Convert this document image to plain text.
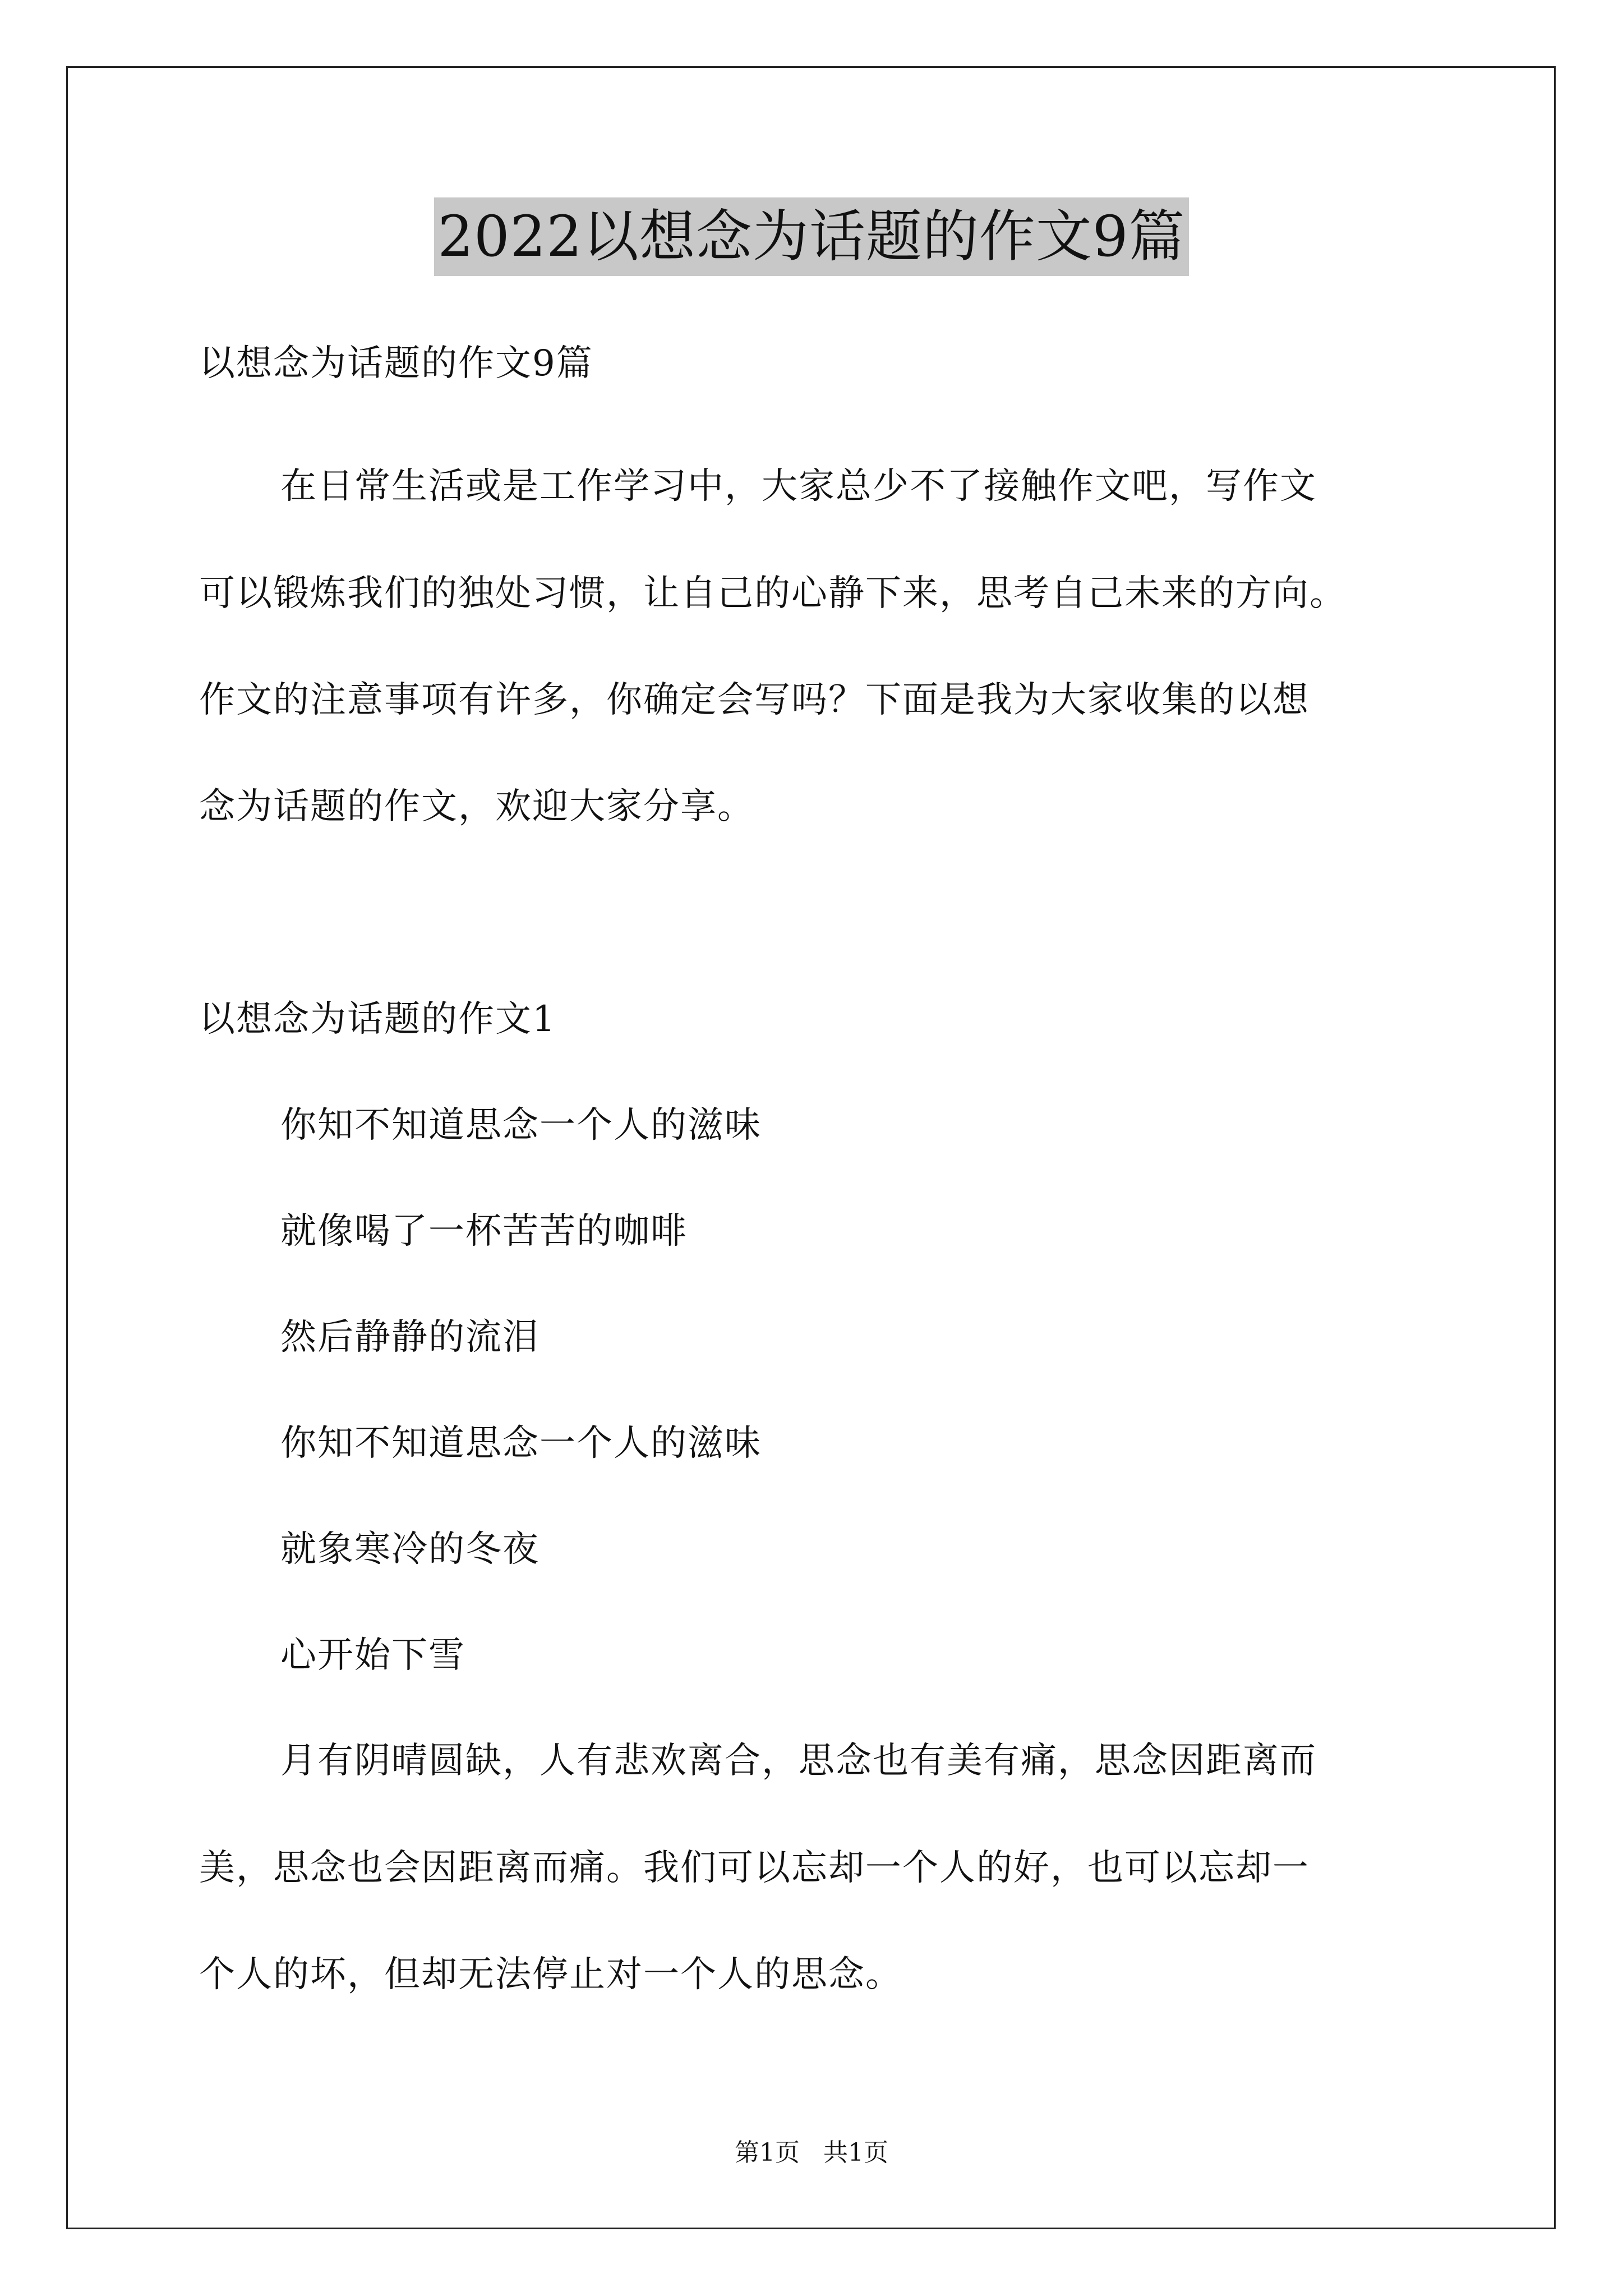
2022以想念为话题的作文9篇
以想念为话题的作文9篇
在日常生活或是工作学习中，大家总少不了接触作文吧，写作文
可以锻炼我们的独处习惯，让自己的心静下来，思考自己未来的方向。
作文的注意事项有许多，你确定会写吗？下面是我为大家收集的以想
念为话题的作文，欢迎大家分享。
以想念为话题的作文1
你知不知道思念一个人的滋味
就像喝了一杯苦苦的咖啡
然后静静的流泪
你知不知道思念一个人的滋味
就象寒冷的冬夜
心开始下雪
月有阴晴圆缺，人有悲欢离合，思念也有美有痛，思念因距离而
美，思念也会因距离而痛。我们可以忘却一个人的好，也可以忘却一
个人的坏，但却无法停止对一个人的思念。
第1页   共1页
